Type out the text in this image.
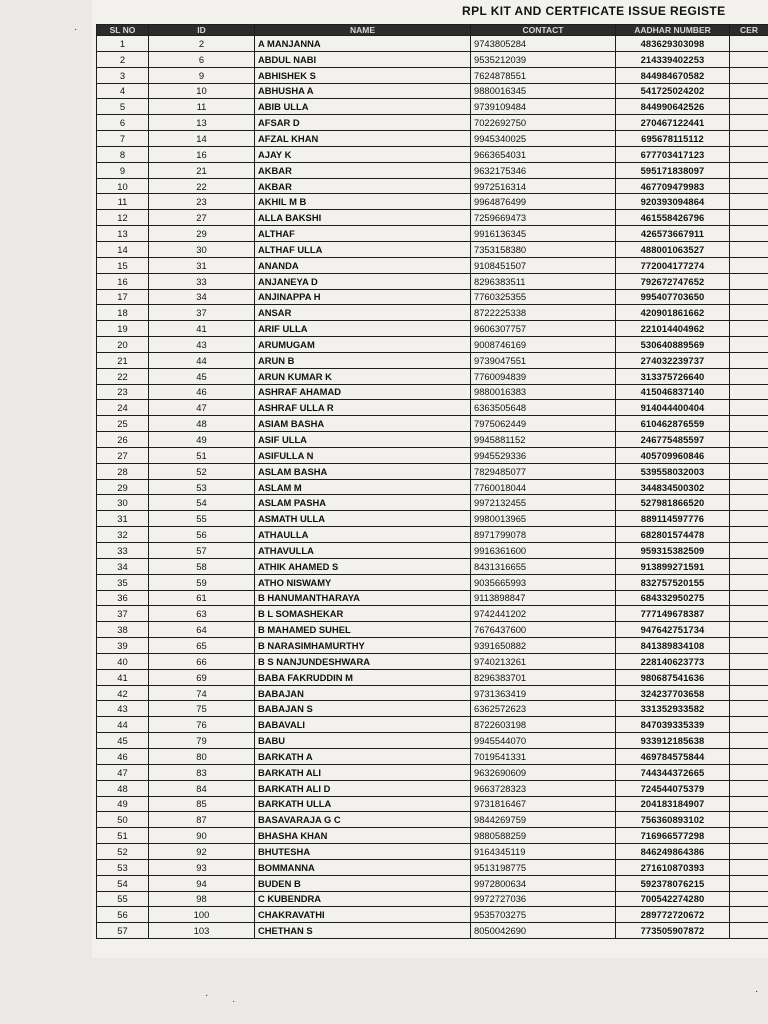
RPL KIT AND CERTFICATE ISSUE REGISTE
SL NO	ID	NAME	CONTACT	AADHAR NUMBER	CER
1	2	A MANJANNA	9743805284	483629303098	
2	6	ABDUL NABI	9535212039	214339402253	
3	9	ABHISHEK S	7624878551	844984670582	
4	10	ABHUSHA A	9880016345	541725024202	
5	11	ABIB ULLA	9739109484	844990642526	
6	13	AFSAR D	7022692750	270467122441	
7	14	AFZAL KHAN	9945340025	695678115112	
8	16	AJAY K	9663654031	677703417123	
9	21	AKBAR	9632175346	595171838097	
10	22	AKBAR	9972516314	467709479983	
11	23	AKHIL M B	9964876499	920393094864	
12	27	ALLA BAKSHI	7259669473	461558426796	
13	29	ALTHAF	9916136345	426573667911	
14	30	ALTHAF ULLA	7353158380	488001063527	
15	31	ANANDA	9108451507	772004177274	
16	33	ANJANEYA D	8296383511	792672747652	
17	34	ANJINAPPA H	7760325355	995407703650	
18	37	ANSAR	8722225338	420901861662	
19	41	ARIF ULLA	9606307757	221014404962	
20	43	ARUMUGAM	9008746169	530640889569	
21	44	ARUN B	9739047551	274032239737	
22	45	ARUN KUMAR K	7760094839	313375726640	
23	46	ASHRAF AHAMAD	9880016383	415046837140	
24	47	ASHRAF ULLA R	6363505648	914044400404	
25	48	ASIAM BASHA	7975062449	610462876559	
26	49	ASIF ULLA	9945881152	246775485597	
27	51	ASIFULLA N	9945529336	405709960846	
28	52	ASLAM BASHA	7829485077	539558032003	
29	53	ASLAM M	7760018044	344834500302	
30	54	ASLAM PASHA	9972132455	527981866520	
31	55	ASMATH ULLA	9980013965	889114597776	
32	56	ATHAULLA	8971799078	682801574478	
33	57	ATHAVULLA	9916361600	959315382509	
34	58	ATHIK AHAMED S	8431316655	913899271591	
35	59	ATHO NISWAMY	9035665993	832757520155	
36	61	B HANUMANTHARAYA	9113898847	684332950275	
37	63	B L SOMASHEKAR	9742441202	777149678387	
38	64	B MAHAMED SUHEL	7676437600	947642751734	
39	65	B NARASIMHAMURTHY	9391650882	841389834108	
40	66	B S NANJUNDESHWARA	9740213261	228140623773	
41	69	BABA FAKRUDDIN M	8296383701	980687541636	
42	74	BABAJAN	9731363419	324237703658	
43	75	BABAJAN S	6362572623	331352933582	
44	76	BABAVALI	8722603198	847039335339	
45	79	BABU	9945544070	933912185638	
46	80	BARKATH A	7019541331	469784575844	
47	83	BARKATH ALI	9632690609	744344372665	
48	84	BARKATH ALI D	9663728323	724544075379	
49	85	BARKATH ULLA	9731816467	204183184907	
50	87	BASAVARAJA G C	9844269759	756360893102	
51	90	BHASHA KHAN	9880588259	716966577298	
52	92	BHUTESHA	9164345119	846249864386	
53	93	BOMMANNA	9513198775	271610870393	
54	94	BUDEN B	9972800634	592378076215	
55	98	C KUBENDRA	9972727036	700542274280	
56	100	CHAKRAVATHI	9535703275	289772720672	
57	103	CHETHAN S	8050042690	773505907872	
·
·
·
·
